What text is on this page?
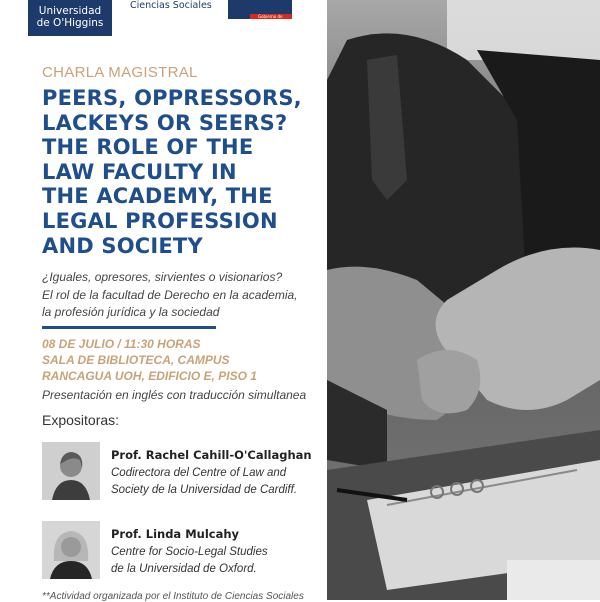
Universidad
de O'Higgins
Ciencias Sociales
Gobierno de Chile
CHARLA MAGISTRAL
PEERS, OPPRESSORS,
LACKEYS OR SEERS?
THE ROLE OF THE
LAW FACULTY IN
THE ACADEMY, THE
LEGAL PROFESSION
AND SOCIETY
¿Iguales, opresores, sirvientes o visionarios?
El rol de la facultad de Derecho en la academia,
la profesión jurídica y la sociedad
08 DE JULIO / 11:30 HORAS
SALA DE BIBLIOTECA, CAMPUS
RANCAGUA UOH, EDIFICIO E, PISO 1
Presentación en inglés con traducción simultanea
Expositoras:
Prof. Rachel Cahill-O'Callaghan
Codirectora del Centre of Law and
Society de la Universidad de Cardiff.
Prof. Linda Mulcahy
Centre for Socio-Legal Studies
de la Universidad de Oxford.
**Actividad organizada por el Instituto de Ciencias Sociales
